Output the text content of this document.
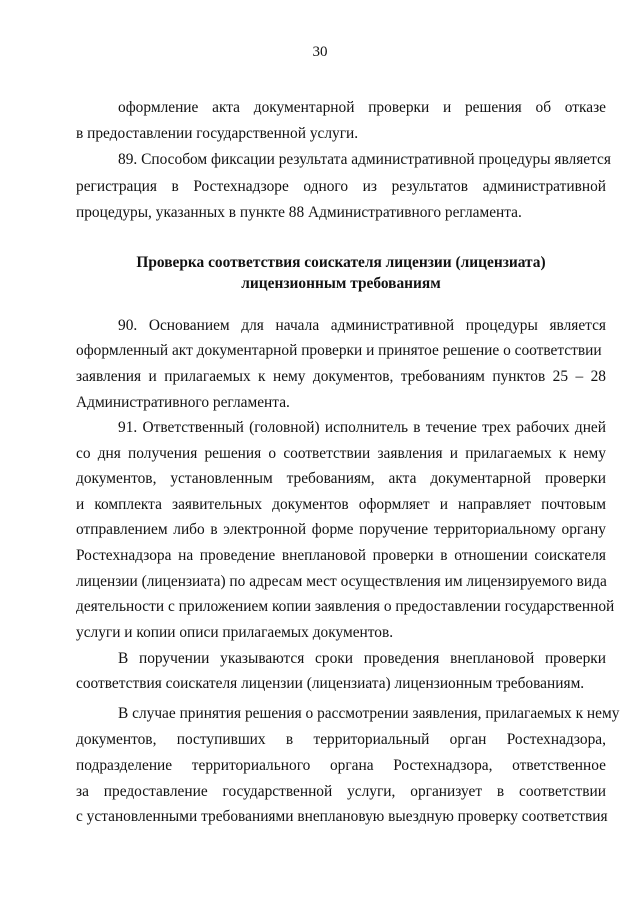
30
оформление акта документарной проверки и решения об отказе
в предоставлении государственной услуги.
89. Способом фиксации результата административной процедуры является
регистрация в Ростехнадзоре одного из результатов административной
процедуры, указанных в пункте 88 Административного регламента.
Проверка соответствия соискателя лицензии (лицензиата)
лицензионным требованиям
90. Основанием для начала административной процедуры является
оформленный акт документарной проверки и принятое решение о соответствии
заявления и прилагаемых к нему документов, требованиям пунктов 25 – 28
Административного регламента.
91. Ответственный (головной) исполнитель в течение трех рабочих дней
со дня получения решения о соответствии заявления и прилагаемых к нему
документов, установленным требованиям, акта документарной проверки
и комплекта заявительных документов оформляет и направляет почтовым
отправлением либо в электронной форме поручение территориальному органу
Ростехнадзора на проведение внеплановой проверки в отношении соискателя
лицензии (лицензиата) по адресам мест осуществления им лицензируемого вида
деятельности с приложением копии заявления о предоставлении государственной
услуги и копии описи прилагаемых документов.
В поручении указываются сроки проведения внеплановой проверки
соответствия соискателя лицензии (лицензиата) лицензионным требованиям.
В случае принятия решения о рассмотрении заявления, прилагаемых к нему
документов, поступивших в территориальный орган Ростехнадзора,
подразделение территориального органа Ростехнадзора, ответственное
за предоставление государственной услуги, организует в соответствии
с установленными требованиями внеплановую выездную проверку соответствия
